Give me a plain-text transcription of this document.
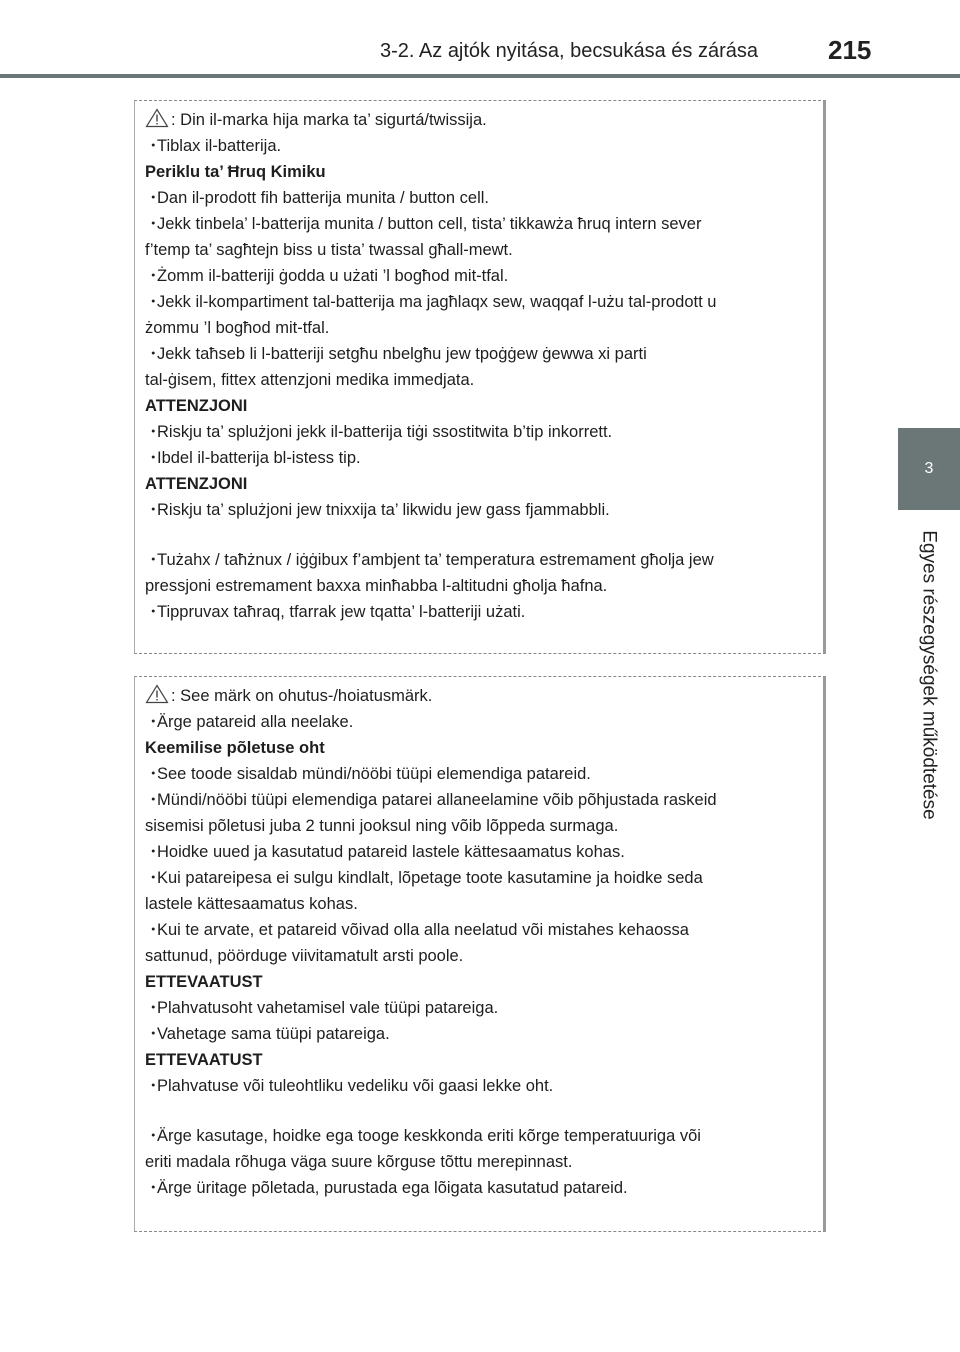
3-2. Az ajtók nyitása, becsukása és zárása	215
3
Egyes részegységek működtetése
: Din il-marka hija marka ta’ sigurtá/twissija.
・Tiblax il-batterija.
Periklu ta’ Ħruq Kimiku
・Dan il-prodott fih batterija munita / button cell.
・Jekk tinbela’ l-batterija munita / button cell, tista’ tikkawża ħruq intern sever
f’temp ta’ sagħtejn biss u tista’ twassal għall-mewt.
・Żomm il-batteriji ġodda u użati ’l bogħod mit-tfal.
・Jekk il-kompartiment tal-batterija ma jagħlaqx sew, waqqaf l-użu tal-prodott u
żommu ’l bogħod mit-tfal.
・Jekk taħseb li l-batteriji setgħu nbelgħu jew tpoġġew ġewwa xi parti
tal-ġisem, fittex attenzjoni medika immedjata.
ATTENZJONI
・Riskju ta’ splużjoni jekk il-batterija tiġi ssostitwita b’tip inkorrett.
・Ibdel il-batterija bl-istess tip.
ATTENZJONI
・Riskju ta’ splużjoni jew tnixxija ta’ likwidu jew gass fjammabbli.
・Tużahx / taħżnux / iġġibux f’ambjent ta’ temperatura estremament għolja jew
pressjoni estremament baxxa minħabba l-altitudni għolja ħafna.
・Tippruvax taħraq, tfarrak jew tqatta’ l-batteriji użati.
: See märk on ohutus-/hoiatusmärk.
・Ärge patareid alla neelake.
Keemilise põletuse oht
・See toode sisaldab mündi/nööbi tüüpi elemendiga patareid.
・Mündi/nööbi tüüpi elemendiga patarei allaneelamine võib põhjustada raskeid
sisemisi põletusi juba 2 tunni jooksul ning võib lõppeda surmaga.
・Hoidke uued ja kasutatud patareid lastele kättesaamatus kohas.
・Kui patareipesa ei sulgu kindlalt, lõpetage toote kasutamine ja hoidke seda
lastele kättesaamatus kohas.
・Kui te arvate, et patareid võivad olla alla neelatud või mistahes kehaossa
sattunud, pöörduge viivitamatult arsti poole.
ETTEVAATUST
・Plahvatusoht vahetamisel vale tüüpi patareiga.
・Vahetage sama tüüpi patareiga.
ETTEVAATUST
・Plahvatuse või tuleohtliku vedeliku või gaasi lekke oht.
・Ärge kasutage, hoidke ega tooge keskkonda eriti kõrge temperatuuriga või
eriti madala rõhuga väga suure kõrguse tõttu merepinnast.
・Ärge üritage põletada, purustada ega lõigata kasutatud patareid.
